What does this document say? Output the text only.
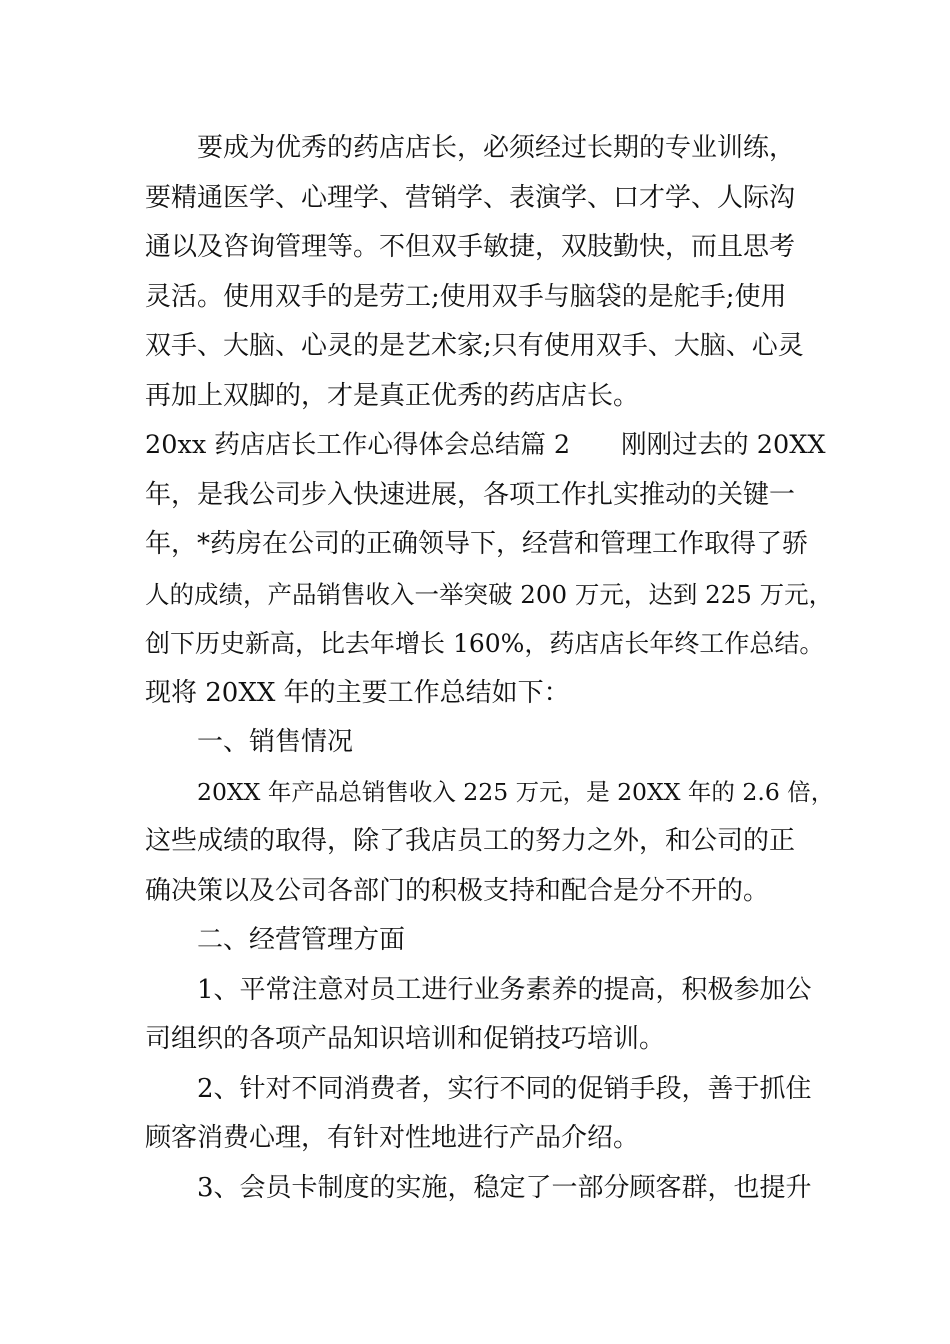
要成为优秀的药店店长，必须经过长期的专业训练，

要精通医学、心理学、营销学、表演学、口才学、人际沟

通以及咨询管理等。不但双手敏捷，双肢勤快，而且思考

灵活。使用双手的是劳工;使用双手与脑袋的是舵手;使用

双手、大脑、心灵的是艺术家;只有使用双手、大脑、心灵

再加上双脚的，才是真正优秀的药店店长。

20xx 药店店长工作心得体会总结篇 2　　刚刚过去的 20XX

年，是我公司步入快速进展，各项工作扎实推动的关键一

年，*药房在公司的正确领导下，经营和管理工作取得了骄

人的成绩，产品销售收入一举突破 200 万元，达到 225 万元，

创下历史新高，比去年增长 160%，药店店长年终工作总结。

现将 20XX 年的主要工作总结如下：

一、销售情况

20XX 年产品总销售收入 225 万元，是 20XX 年的 2.6 倍，

这些成绩的取得，除了我店员工的努力之外，和公司的正

确决策以及公司各部门的积极支持和配合是分不开的。

二、经营管理方面

1、平常注意对员工进行业务素养的提高，积极参加公

司组织的各项产品知识培训和促销技巧培训。

2、针对不同消费者，实行不同的促销手段，善于抓住

顾客消费心理，有针对性地进行产品介绍。

3、会员卡制度的实施，稳定了一部分顾客群，也提升
